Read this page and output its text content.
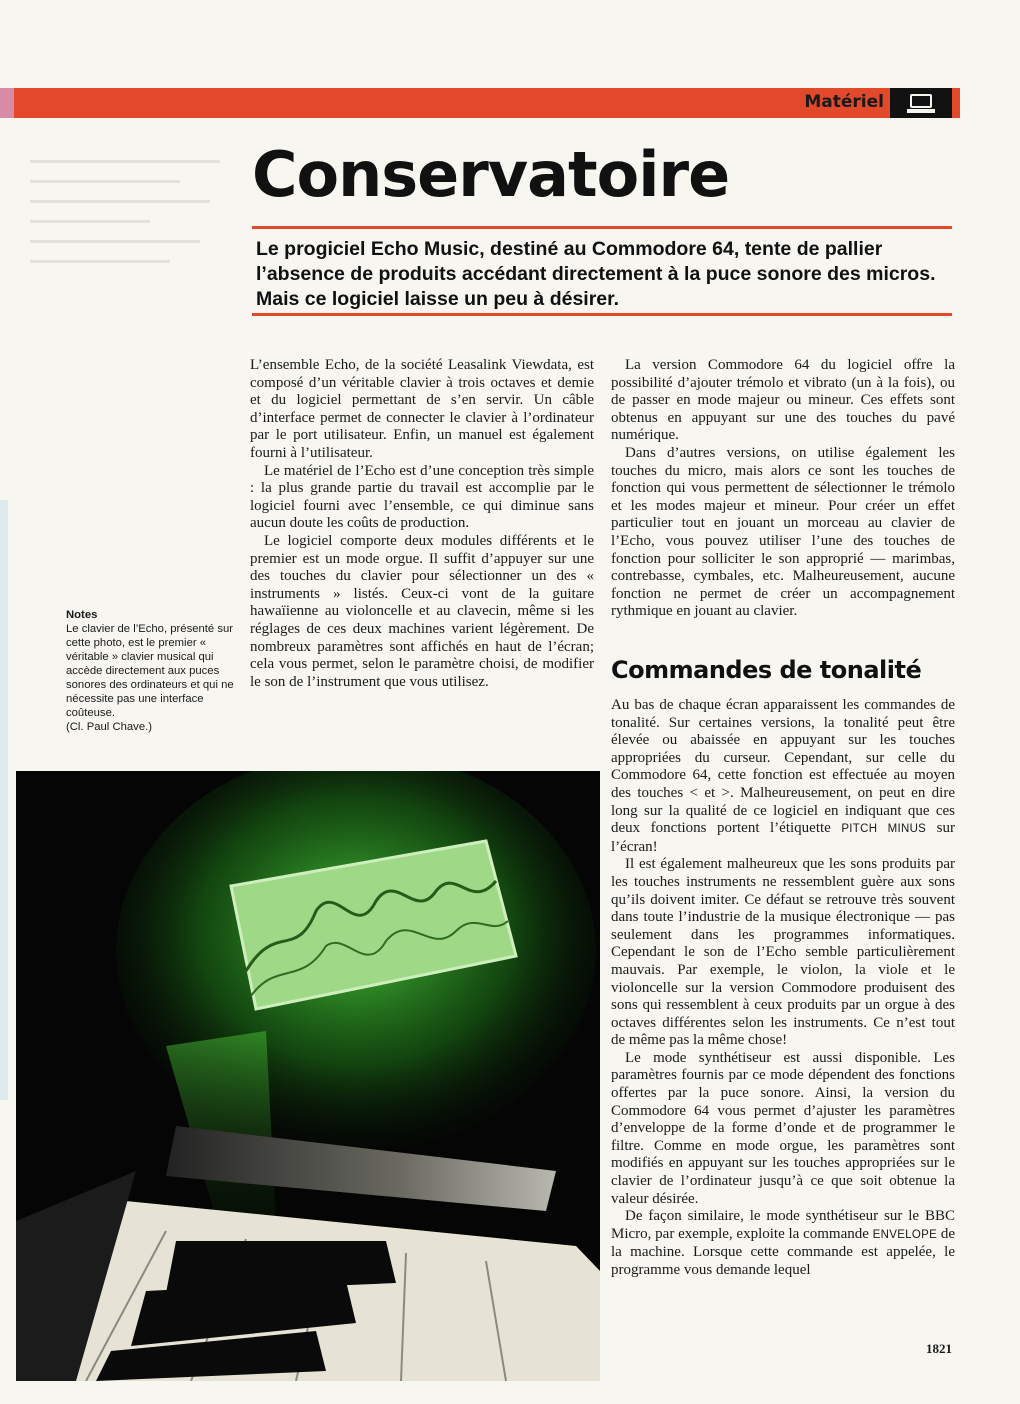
Matériel
Conservatoire

Le progiciel Echo Music, destiné au Commodore 64, tente de pallier l’absence de produits accédant directement à la puce sonore des micros. Mais ce logiciel laisse un peu à désirer.

L’ensemble Echo, de la société Leasalink Viewdata, est composé d’un véritable clavier à trois octaves et demie et du logiciel permettant de s’en servir. Un câble d’interface permet de connecter le clavier à l’ordinateur par le port utilisateur. Enfin, un manuel est également fourni à l’utilisateur.

Le matériel de l’Echo est d’une conception très simple : la plus grande partie du travail est accomplie par le logiciel fourni avec l’ensemble, ce qui diminue sans aucun doute les coûts de production.

Le logiciel comporte deux modules différents et le premier est un mode orgue. Il suffit d’appuyer sur une des touches du clavier pour sélectionner un des « instruments » listés. Ceux-ci vont de la guitare hawaïienne au violoncelle et au clavecin, même si les réglages de ces deux machines varient légèrement. De nombreux paramètres sont affichés en haut de l’écran; cela vous permet, selon le paramètre choisi, de modifier le son de l’instrument que vous utilisez.

La version Commodore 64 du logiciel offre la possibilité d’ajouter trémolo et vibrato (un à la fois), ou de passer en mode majeur ou mineur. Ces effets sont obtenus en appuyant sur une des touches du pavé numérique.

Dans d’autres versions, on utilise également les touches du micro, mais alors ce sont les touches de fonction qui vous permettent de sélectionner le trémolo et les modes majeur et mineur. Pour créer un effet particulier tout en jouant un morceau au clavier de l’Echo, vous pouvez utiliser l’une des touches de fonction pour solliciter le son approprié — marimbas, contrebasse, cymbales, etc. Malheureusement, aucune fonction ne permet de créer un accompagnement rythmique en jouant au clavier.

Commandes de tonalité

Au bas de chaque écran apparaissent les commandes de tonalité. Sur certaines versions, la tonalité peut être élevée ou abaissée en appuyant sur les touches appropriées du curseur. Cependant, sur celle du Commodore 64, cette fonction est effectuée au moyen des touches < et >. Malheureusement, on peut en dire long sur la qualité de ce logiciel en indiquant que ces deux fonctions portent l’étiquette PITCH MINUS sur l’écran!

Il est également malheureux que les sons produits par les touches instruments ne ressemblent guère aux sons qu’ils doivent imiter. Ce défaut se retrouve très souvent dans toute l’industrie de la musique électronique — pas seulement dans les programmes informatiques. Cependant le son de l’Echo semble particulièrement mauvais. Par exemple, le violon, la viole et le violoncelle sur la version Commodore produisent des sons qui ressemblent à ceux produits par un orgue à des octaves différentes selon les instruments. Ce n’est tout de même pas la même chose!

Le mode synthétiseur est aussi disponible. Les paramètres fournis par ce mode dépendent des fonctions offertes par la puce sonore. Ainsi, la version du Commodore 64 vous permet d’ajuster les paramètres d’enveloppe de la forme d’onde et de programmer le filtre. Comme en mode orgue, les paramètres sont modifiés en appuyant sur les touches appropriées sur le clavier de l’ordinateur jusqu’à ce que soit obtenue la valeur désirée.

De façon similaire, le mode synthétiseur sur le BBC Micro, par exemple, exploite la commande ENVELOPE de la machine. Lorsque cette commande est appelée, le programme vous demande lequel

Notes
Le clavier de l’Echo, présenté sur cette photo, est le premier « véritable » clavier musical qui accède directement aux puces sonores des ordinateurs et qui ne nécessite pas une interface coûteuse.
(Cl. Paul Chave.)
1821
